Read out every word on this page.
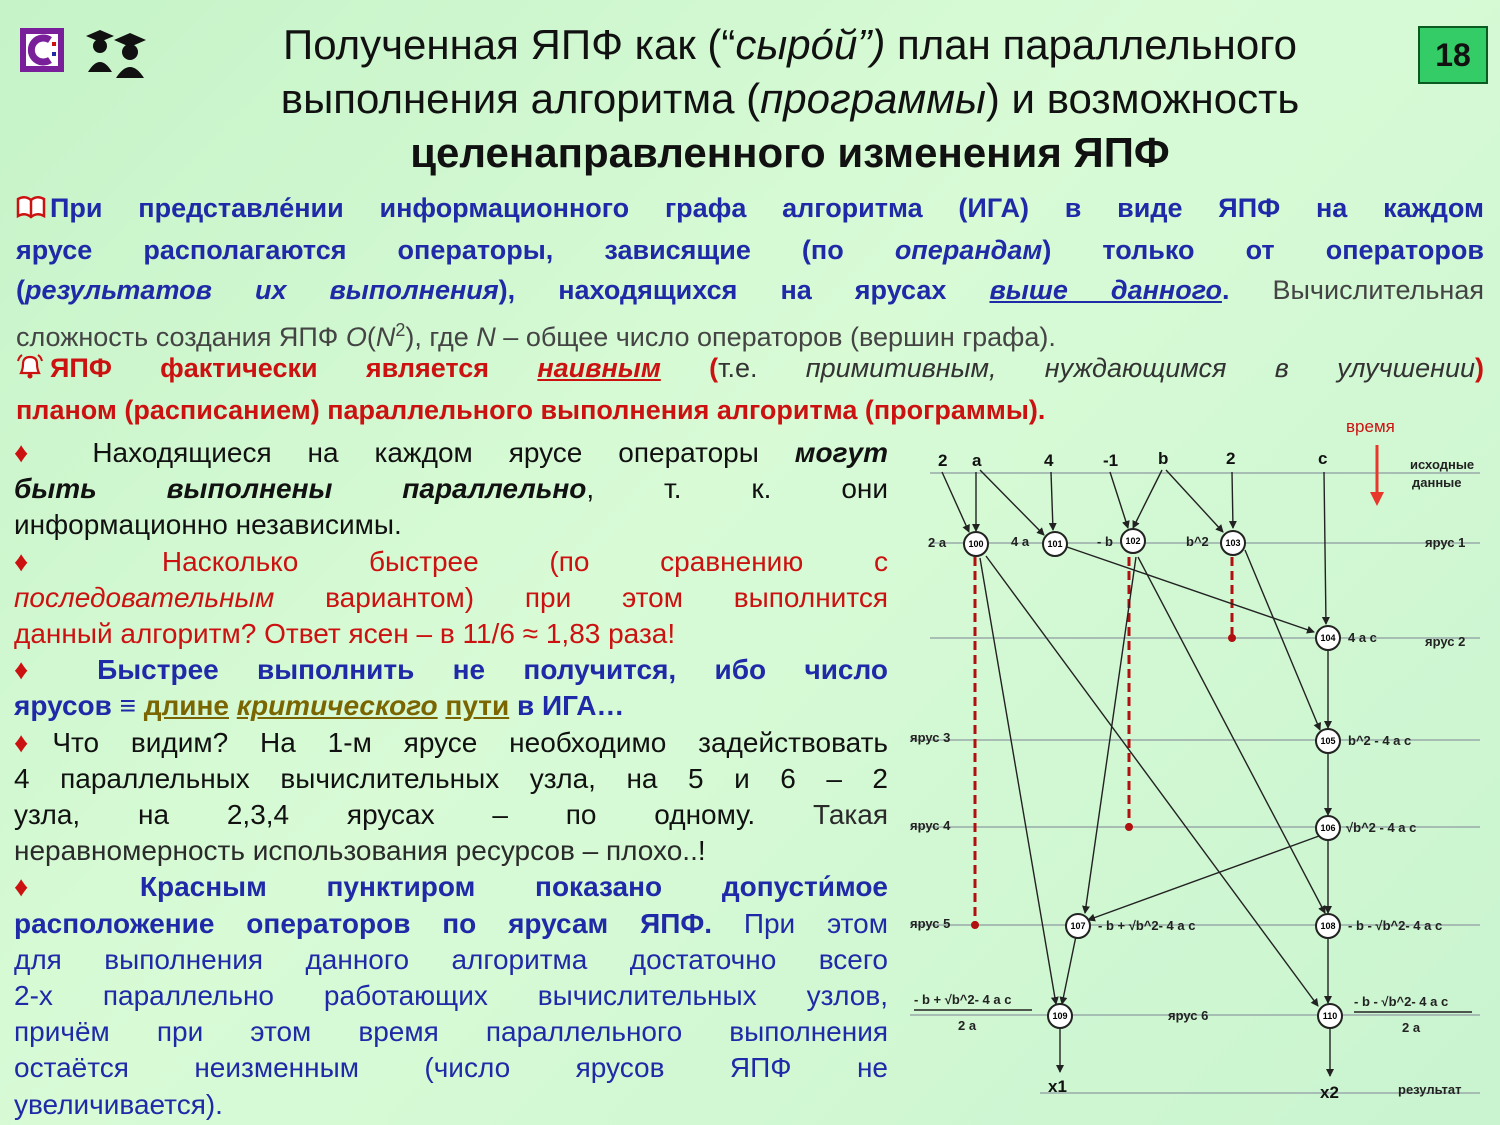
Полученная ЯПФ как (“сыро́й”) план параллельного
выполнения алгоритма (программы) и возможность
целенаправленного изменения ЯПФ
18
При представле́нии информационного графа алгоритма (ИГА) в виде ЯПФ на каждом
ярусе располагаются операторы, зависящие (по операндам) только от операторов
(результатов их выполнения), находящихся на ярусах выше данного. Вычислительная
сложность создания ЯПФ $O(N^2)$, где N – общее число операторов (вершин графа).
ЯПФ фактически является наивным (т.е. примитивным, нуждающимся в улучшении)
планом (расписанием) параллельного выполнения алгоритма (программы).
♦ Находящиеся на каждом ярусе операторы могут
быть выполнены параллельно, т. к. они
информационно независимы.
♦	Насколько быстрее (по сравнению с
последовательным вариантом) при этом выполнится
данный алгоритм? Ответ ясен – в 11/6 ≈ 1,83 раза!
♦ Быстрее выполнить не получится, ибо число
ярусов ≡ длине критического пути в ИГА…
♦Что видим? На 1-м ярусе необходимо задействовать
4 параллельных вычислительных узла, на 5 и 6 – 2
узла, на 2,3,4 ярусах – по одному. Такая
неравномерность использования ресурсов – плохо..!
♦ Красным пунктиром показано допусти́мое
расположение операторов по ярусам ЯПФ. При этом
для выполнения данного алгоритма достаточно всего
2-х параллельно работающих вычислительных узлов,
причём при этом время параллельного выполнения
остаётся неизменным (число ярусов ЯПФ не
увеличивается).
время
исходные
данные
ярус 1
ярус 2
ярус 3
ярус 4
ярус 5
ярус 6
результат
2 a	4	-1 b	2	c
100	101	102	103
104
105
106
107	108
109	110
2 a	4 a	- b	b^2
4 a c
b^2 - 4 a c
√b^2 - 4 a c
- b + √b^2- 4 a c	- b - √b^2- 4 a c
- b + √b^2- 4 a c
2 a
- b - √b^2- 4 a c
2 a
x1	x2
